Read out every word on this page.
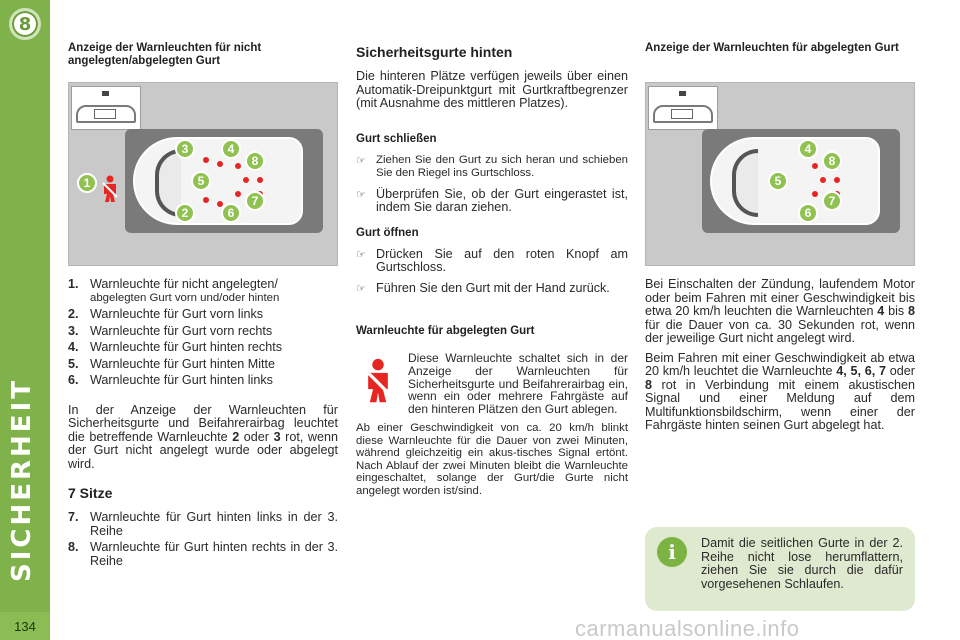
8
SICHERHEIT
134
Anzeige der Warnleuchten für nicht angelegten/abgelegten Gurt
1
2
3	4
5
6
7
8
1. Warnleuchte für nicht angelegten/
abgelegten Gurt vorn und/oder hinten
2. Warnleuchte für Gurt vorn links
3. Warnleuchte für Gurt vorn rechts
4. Warnleuchte für Gurt hinten rechts
5. Warnleuchte für Gurt hinten Mitte
6. Warnleuchte für Gurt hinten links

In der Anzeige der Warnleuchten für Sicherheitsgurte und Beifahrerairbag leuchtet die betreffende Warnleuchte 2 oder 3 rot, wenn der Gurt nicht angelegt wurde oder abgelegt wird.

7 Sitze
7. Warnleuchte für Gurt hinten links in der 3. Reihe
8. Warnleuchte für Gurt hinten rechts in der 3. Reihe
Sicherheitsgurte hinten

Die hinteren Plätze verfügen jeweils über einen Automatik-Dreipunktgurt mit Gurtkraftbegrenzer (mit Ausnahme des mittleren Platzes).

Gurt schließen
☞ Ziehen Sie den Gurt zu sich heran und schieben Sie den Riegel ins Gurtschloss.
☞ Überprüfen Sie, ob der Gurt eingerastet ist, indem Sie daran ziehen.
Gurt öffnen
☞ Drücken Sie auf den roten Knopf am Gurtschloss.
☞ Führen Sie den Gurt mit der Hand zurück.
Warnleuchte für abgelegten Gurt

Diese Warnleuchte schaltet sich in der Anzeige der Warnleuchten für Sicherheitsgurte und Beifahrerairbag ein, wenn ein oder mehrere Fahrgäste auf den hinteren Plätzen den Gurt ablegen.

Ab einer Geschwindigkeit von ca. 20 km/h blinkt diese Warnleuchte für die Dauer von zwei Minuten, während gleichzeitig ein akus-tisches Signal ertönt. Nach Ablauf der zwei Minuten bleibt die Warnleuchte eingeschaltet, solange der Gurt/die Gurte nicht angelegt worden ist/sind.

Anzeige der Warnleuchten für abgelegten Gurt
4
5
6
7
8

Bei Einschalten der Zündung, laufendem Motor oder beim Fahren mit einer Geschwindigkeit bis etwa 20 km/h leuchten die Warnleuchten 4 bis 8 für die Dauer von ca. 30 Sekunden rot, wenn der jeweilige Gurt nicht angelegt wird.

Beim Fahren mit einer Geschwindigkeit ab etwa 20 km/h leuchtet die Warnleuchte 4, 5, 6, 7 oder 8 rot in Verbindung mit einem akustischen Signal und einer Meldung auf dem Multifunktionsbildschirm, wenn einer der Fahrgäste hinten seinen Gurt abgelegt hat.

i	Damit die seitlichen Gurte in der 2. Reihe nicht lose herumflattern, ziehen Sie sie durch die dafür vorgesehenen Schlaufen.

carmanualsonline.info
